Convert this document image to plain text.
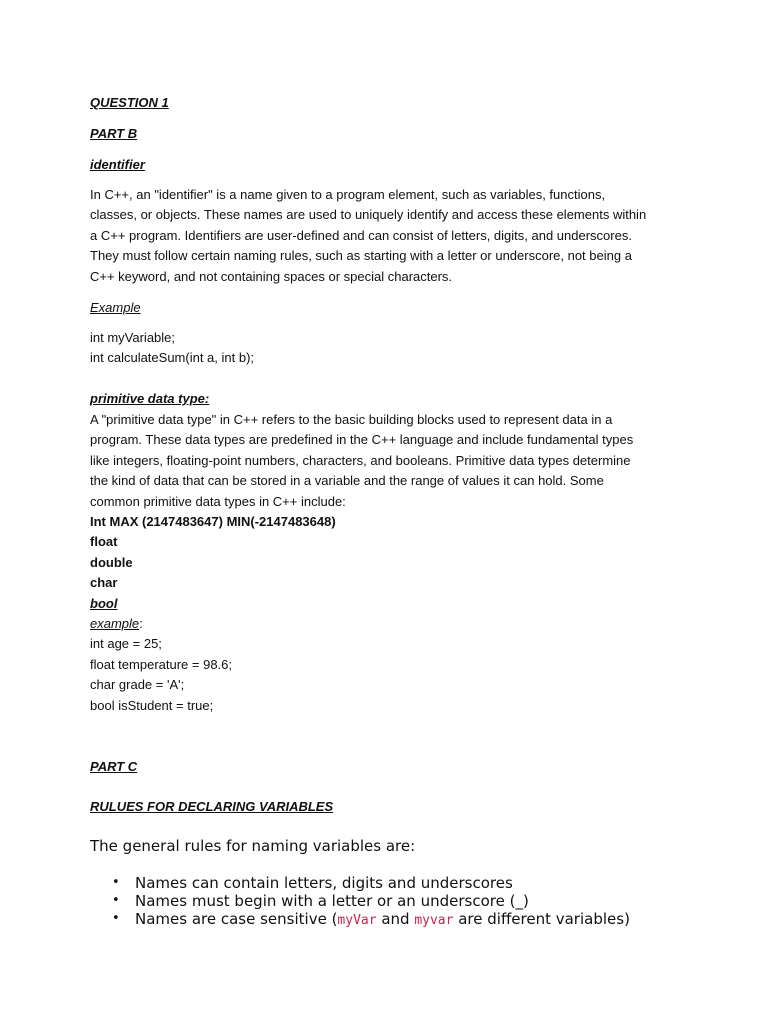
QUESTION 1
PART B
identifier
In C++, an "identifier" is a name given to a program element, such as variables, functions,
classes, or objects. These names are used to uniquely identify and access these elements within
a C++ program. Identifiers are user-defined and can consist of letters, digits, and underscores.
They must follow certain naming rules, such as starting with a letter or underscore, not being a
C++ keyword, and not containing spaces or special characters.
Example
int myVariable;
int calculateSum(int a, int b);
primitive data type:
A "primitive data type" in C++ refers to the basic building blocks used to represent data in a
program. These data types are predefined in the C++ language and include fundamental types
like integers, floating-point numbers, characters, and booleans. Primitive data types determine
the kind of data that can be stored in a variable and the range of values it can hold. Some
common primitive data types in C++ include:
Int MAX (2147483647) MIN(-2147483648)
float
double
char
bool
example:
int age = 25;
float temperature = 98.6;
char grade = 'A';
bool isStudent = true;
PART C
RULUES FOR DECLARING VARIABLES
The general rules for naming variables are:
• Names can contain letters, digits and underscores
• Names must begin with a letter or an underscore (_)
• Names are case sensitive (myVar and myvar are different variables)
